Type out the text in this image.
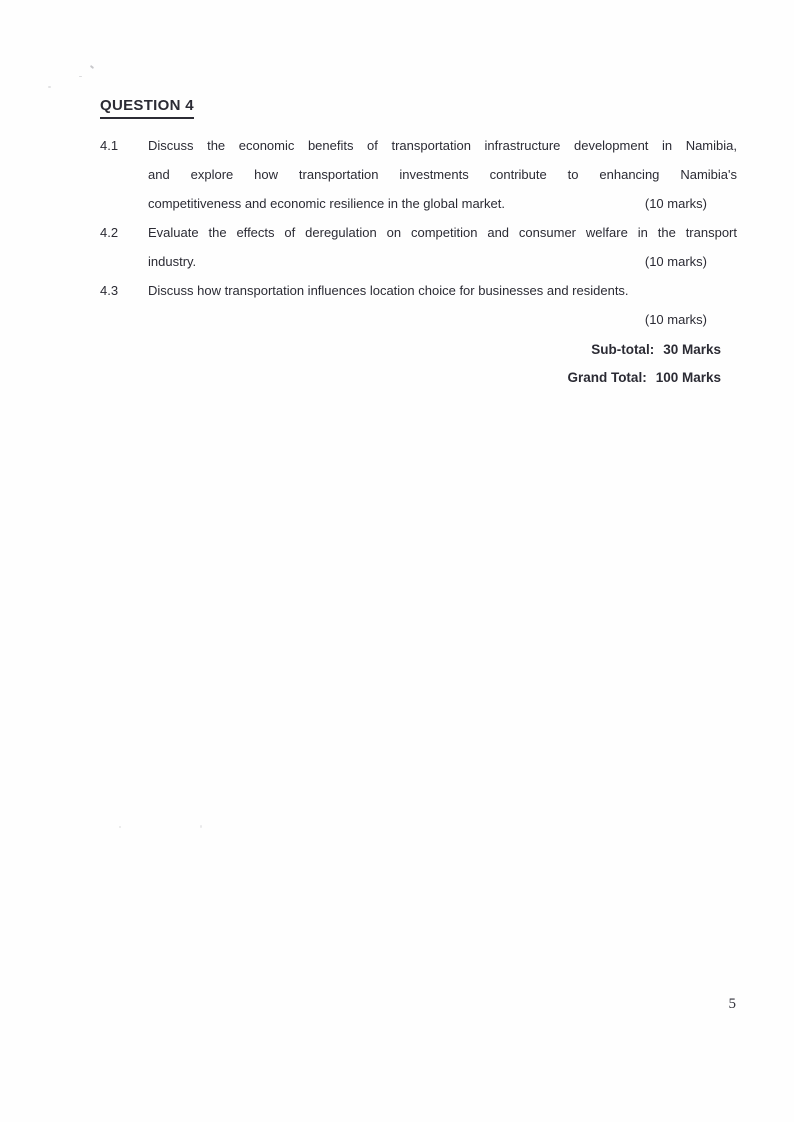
QUESTION 4
4.1	Discuss the economic benefits of transportation infrastructure development in Namibia,
and explore how transportation investments contribute to enhancing Namibia's
competitiveness and economic resilience in the global market.	(10 marks)
4.2	Evaluate the effects of deregulation on competition and consumer welfare in the transport
industry.	(10 marks)
4.3	Discuss how transportation influences location choice for businesses and residents.
(10 marks)
Sub-total: 30 Marks
Grand Total: 100 Marks
5
